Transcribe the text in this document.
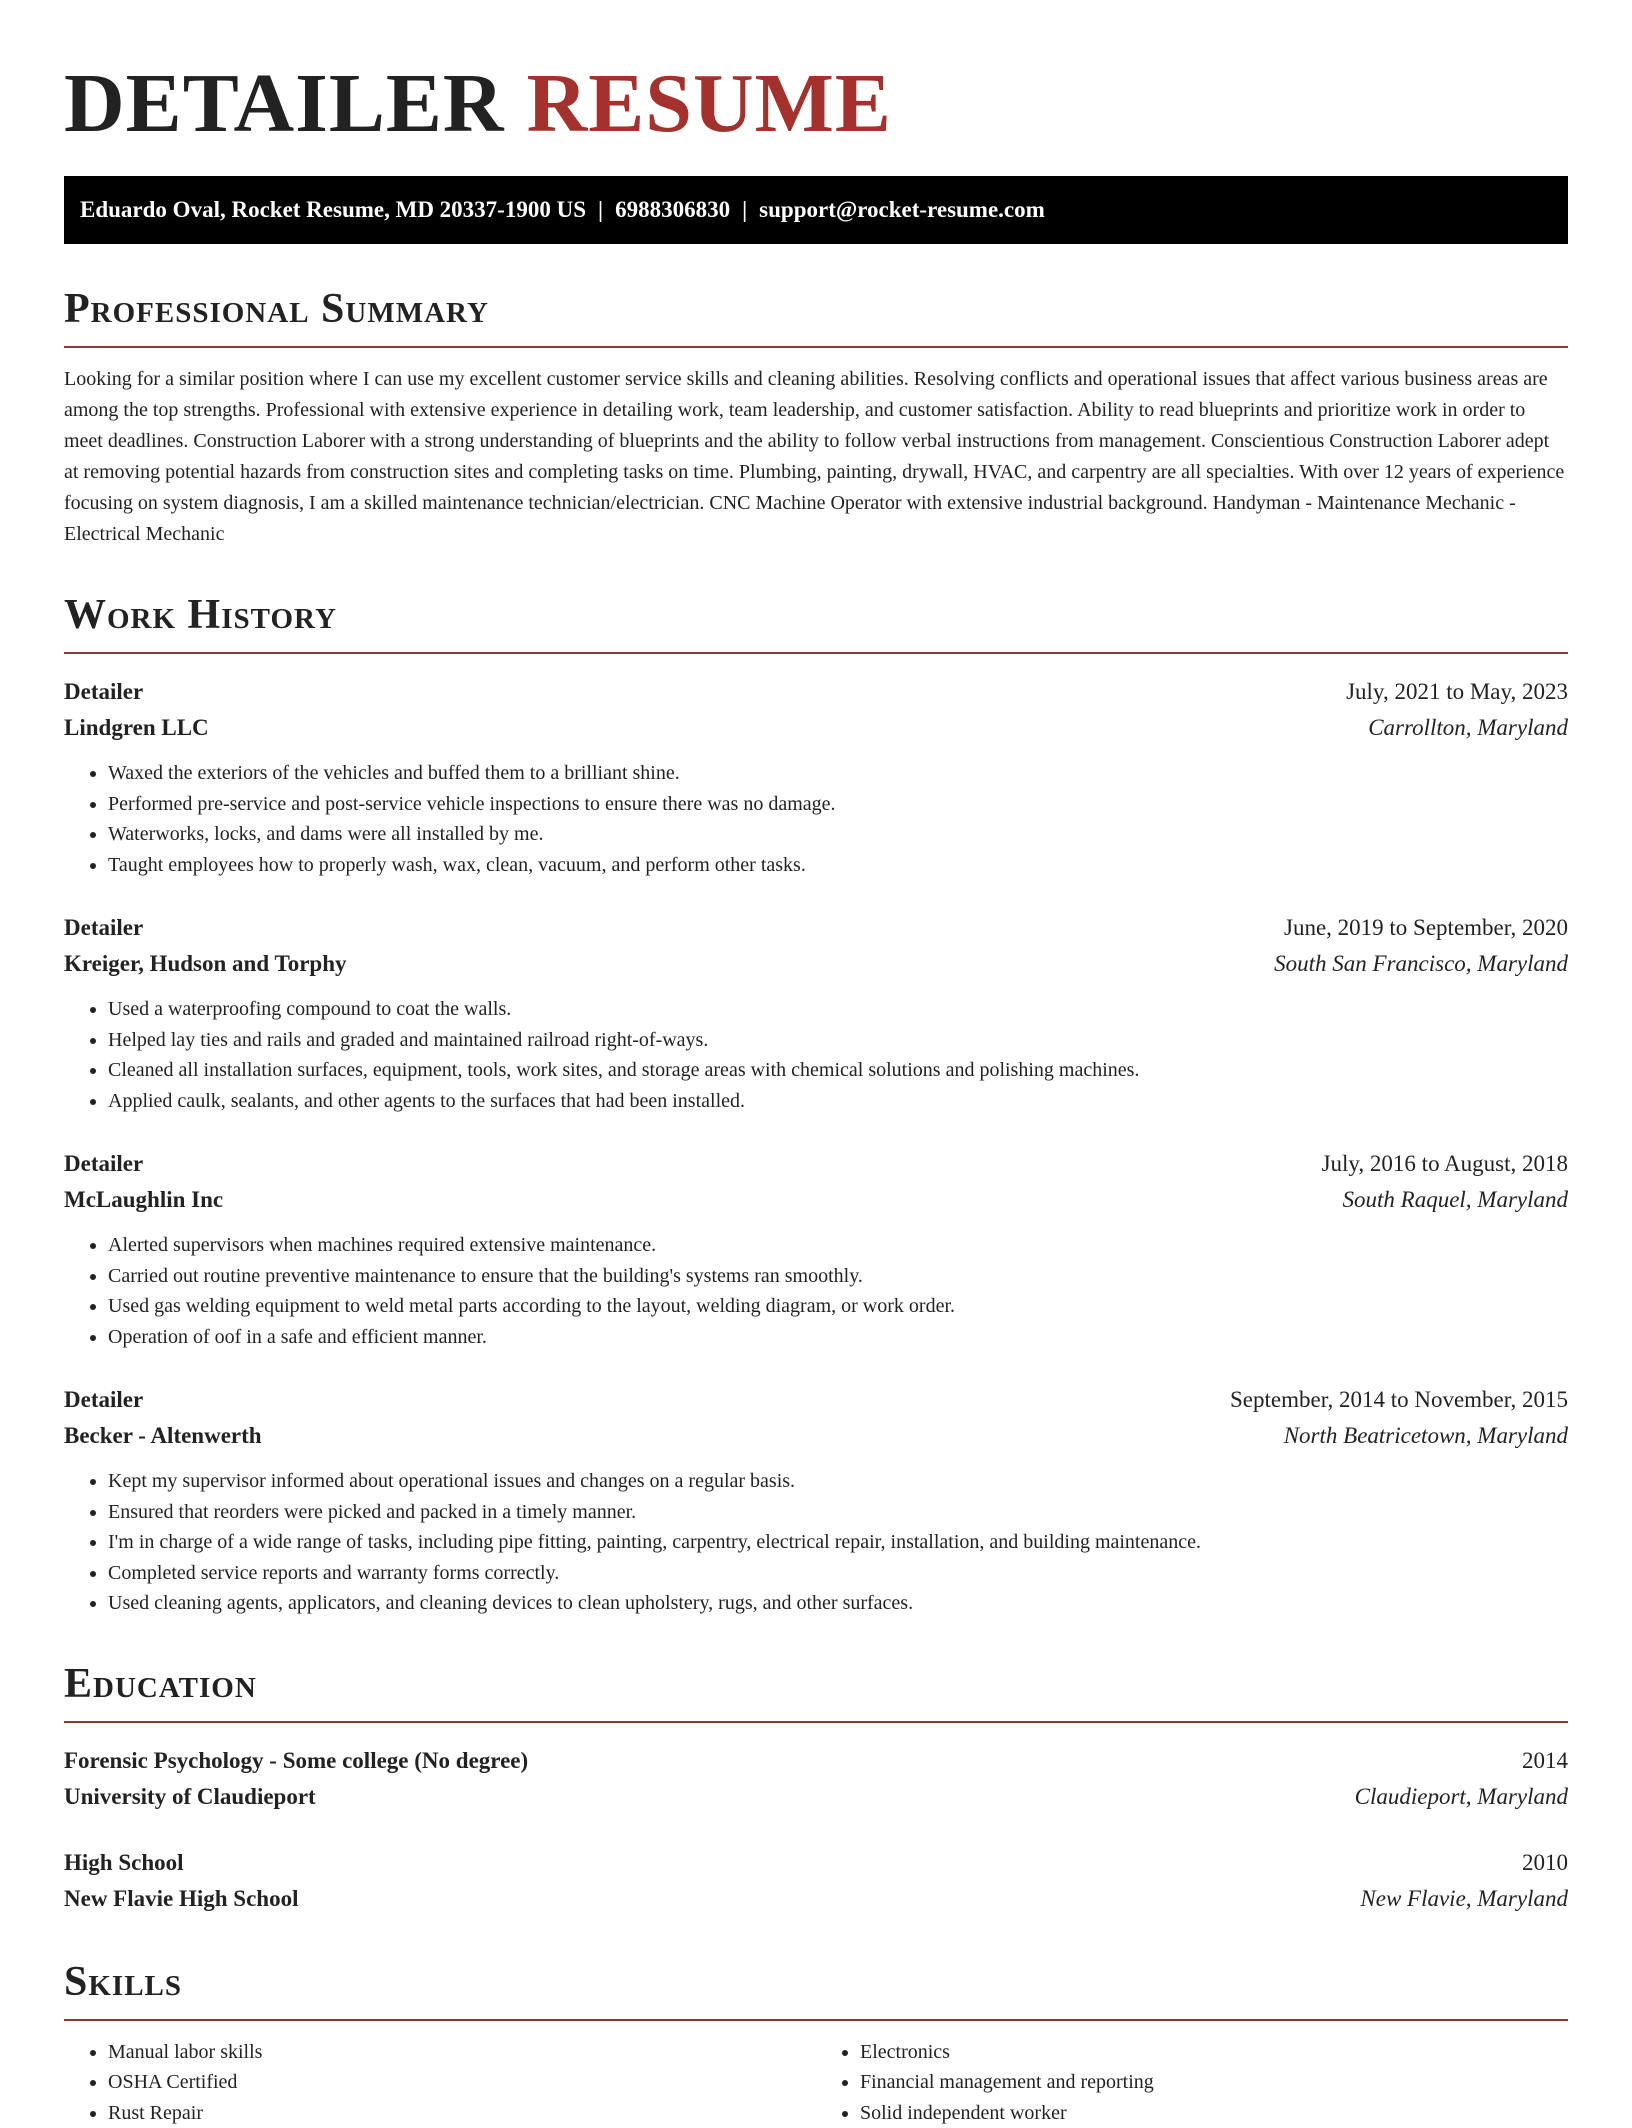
DETAILER RESUME
Eduardo Oval, Rocket Resume, MD 20337-1900 US | 6988306830 | support@rocket-resume.com
Professional Summary

Looking for a similar position where I can use my excellent customer service skills and cleaning abilities. Resolving conflicts and operational issues that affect various business areas are among the top strengths. Professional with extensive experience in detailing work, team leadership, and customer satisfaction. Ability to read blueprints and prioritize work in order to meet deadlines. Construction Laborer with a strong understanding of blueprints and the ability to follow verbal instructions from management. Conscientious Construction Laborer adept at removing potential hazards from construction sites and completing tasks on time. Plumbing, painting, drywall, HVAC, and carpentry are all specialties. With over 12 years of experience focusing on system diagnosis, I am a skilled maintenance technician/electrician. CNC Machine Operator with extensive industrial background. Handyman - Maintenance Mechanic - Electrical Mechanic

Work History
Detailer	July, 2021 to May, 2023
Lindgren LLC	Carrollton, Maryland
• Waxed the exteriors of the vehicles and buffed them to a brilliant shine.
• Performed pre-service and post-service vehicle inspections to ensure there was no damage.
• Waterworks, locks, and dams were all installed by me.
• Taught employees how to properly wash, wax, clean, vacuum, and perform other tasks.
Detailer	June, 2019 to September, 2020
Kreiger, Hudson and Torphy	South San Francisco, Maryland
• Used a waterproofing compound to coat the walls.
• Helped lay ties and rails and graded and maintained railroad right-of-ways.
• Cleaned all installation surfaces, equipment, tools, work sites, and storage areas with chemical solutions and polishing machines.
• Applied caulk, sealants, and other agents to the surfaces that had been installed.
Detailer	July, 2016 to August, 2018
McLaughlin Inc	South Raquel, Maryland
• Alerted supervisors when machines required extensive maintenance.
• Carried out routine preventive maintenance to ensure that the building's systems ran smoothly.
• Used gas welding equipment to weld metal parts according to the layout, welding diagram, or work order.
• Operation of oof in a safe and efficient manner.
Detailer	September, 2014 to November, 2015
Becker - Altenwerth	North Beatricetown, Maryland
• Kept my supervisor informed about operational issues and changes on a regular basis.
• Ensured that reorders were picked and packed in a timely manner.
• I'm in charge of a wide range of tasks, including pipe fitting, painting, carpentry, electrical repair, installation, and building maintenance.
• Completed service reports and warranty forms correctly.
• Used cleaning agents, applicators, and cleaning devices to clean upholstery, rugs, and other surfaces.
Education
Forensic Psychology - Some college (No degree)	2014
University of Claudieport	Claudieport, Maryland
High School	2010
New Flavie High School	New Flavie, Maryland
Skills
• Manual labor skills
• OSHA Certified
• Rust Repair
• Electronics
• Financial management and reporting
• Solid independent worker
